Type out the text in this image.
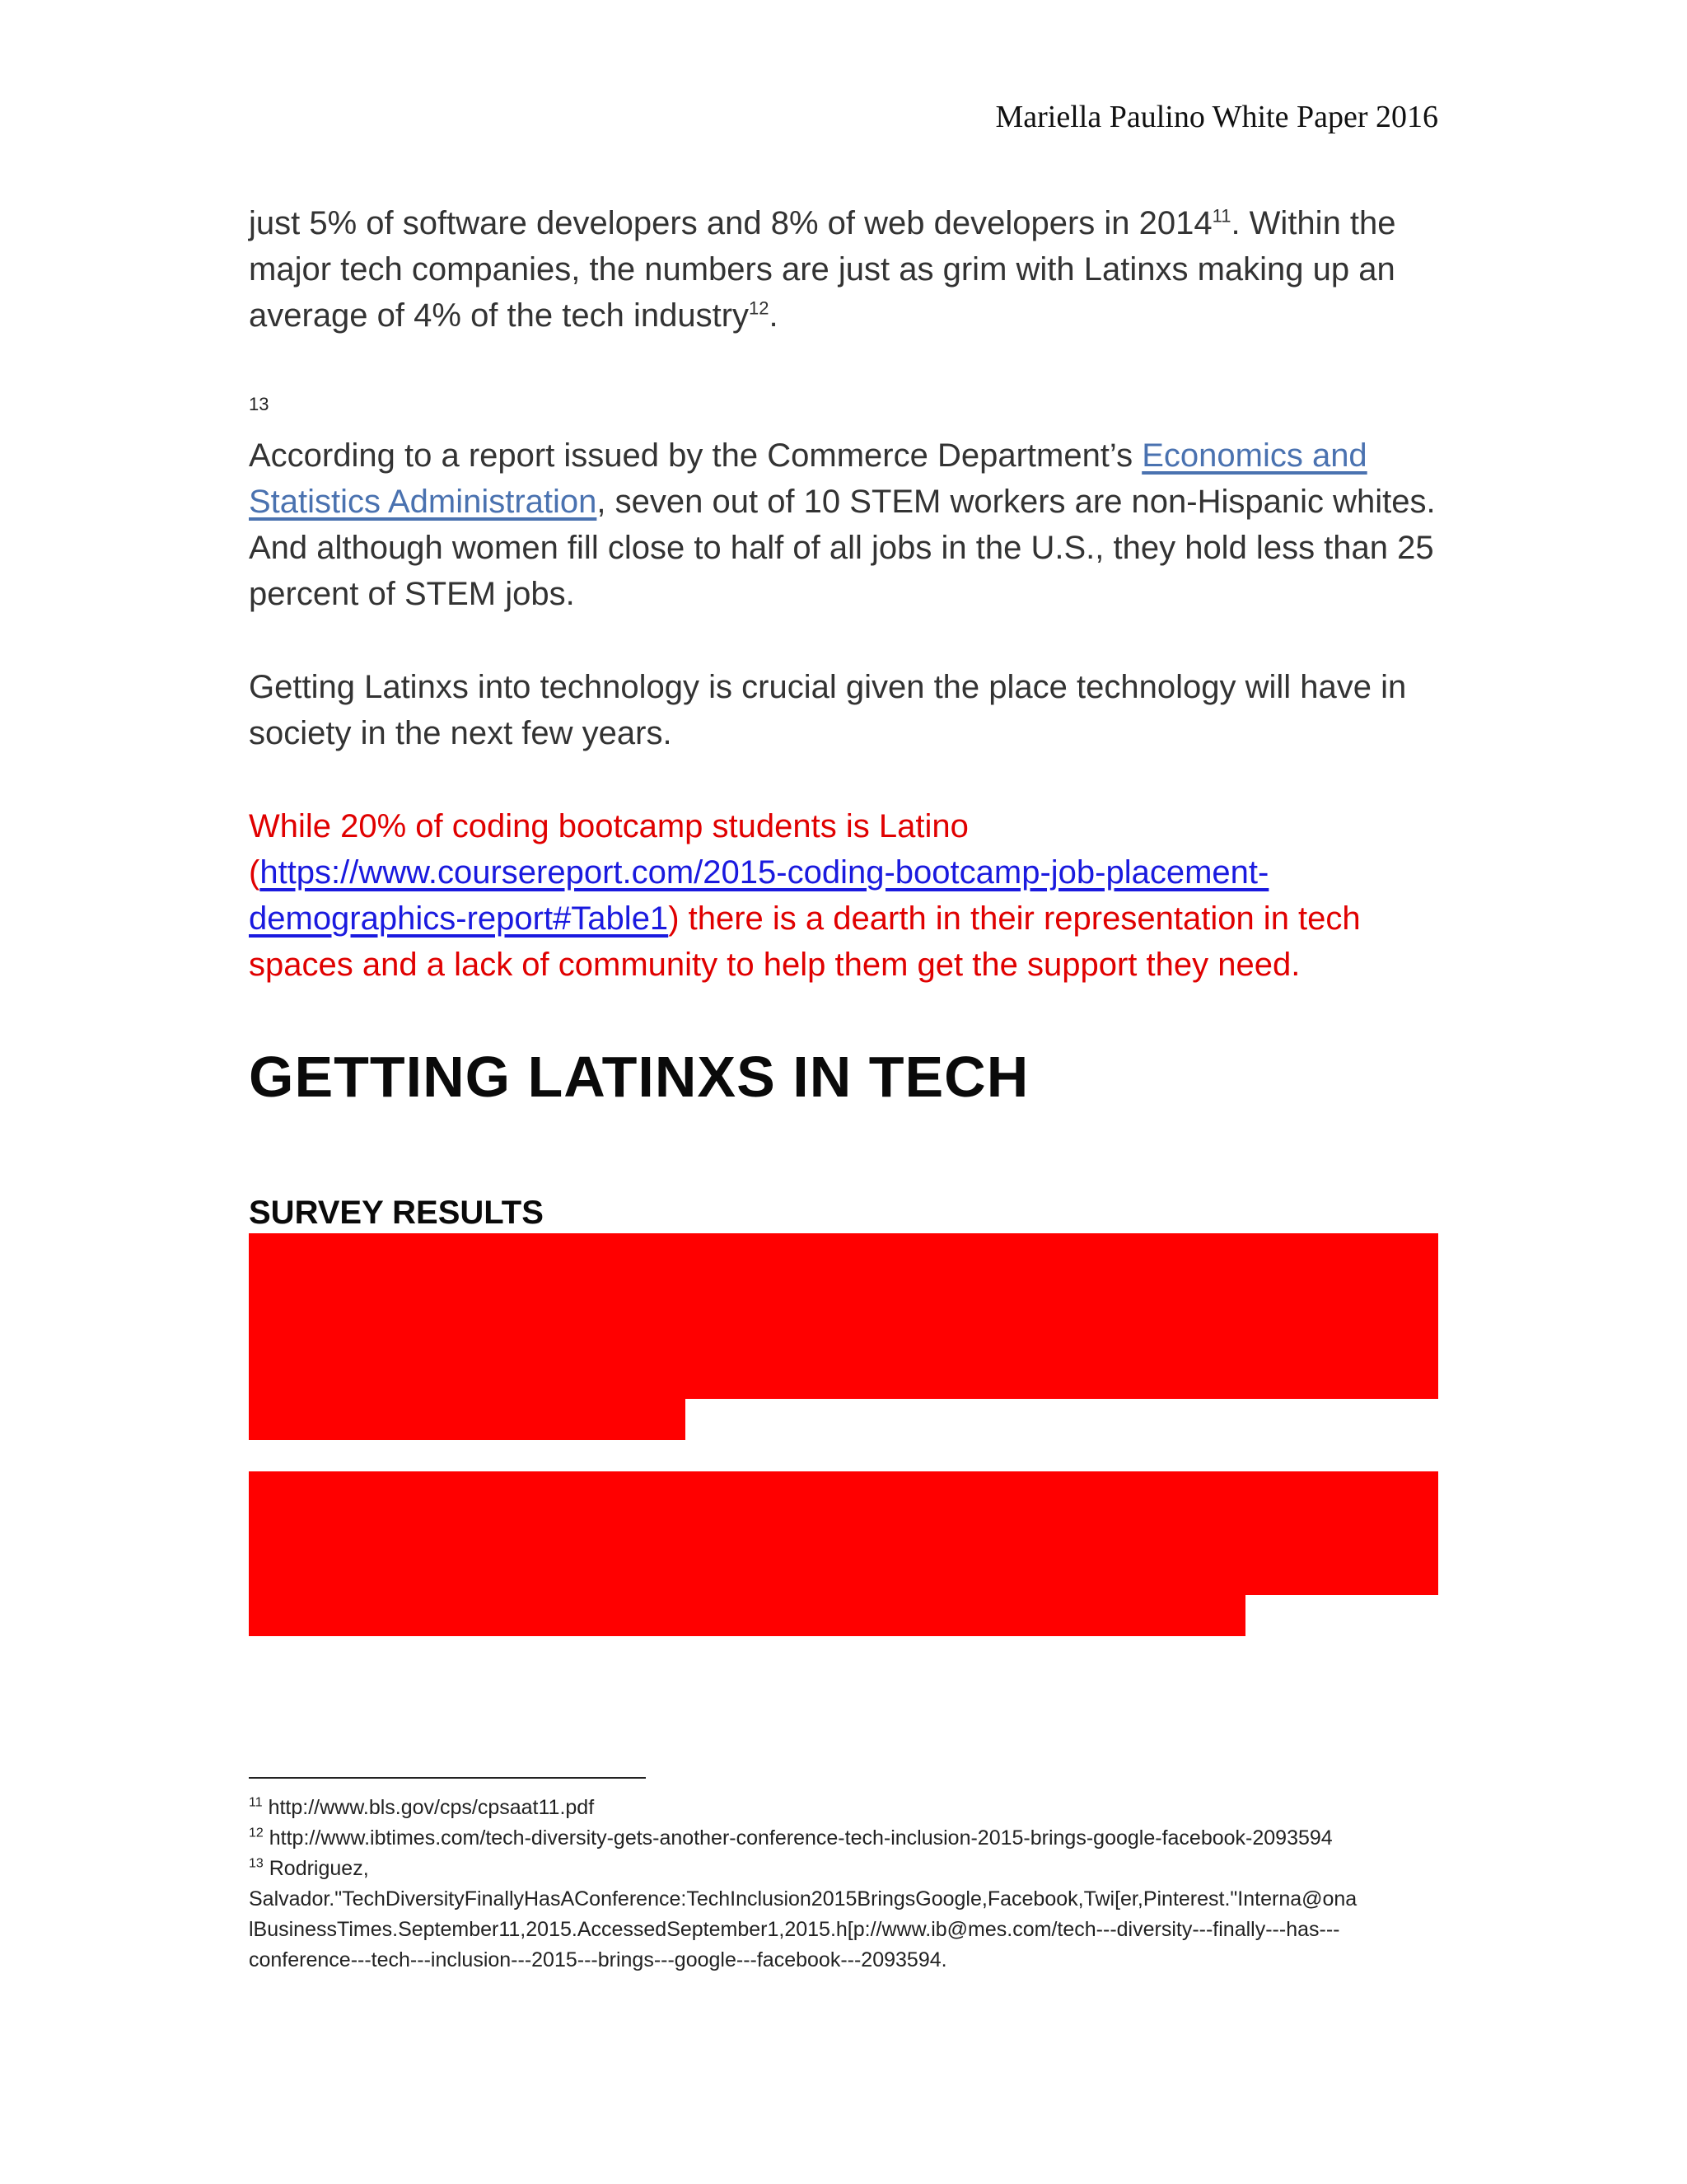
Mariella Paulino White Paper 2016

just 5% of software developers and 8% of web developers in 2014$^{11}$. Within the major tech companies, the numbers are just as grim with Latinxs making up an average of 4% of the tech industry$^{12}$.

13

According to a report issued by the Commerce Department’s Economics and Statistics Administration, seven out of 10 STEM workers are non-Hispanic whites. And although women fill close to half of all jobs in the U.S., they hold less than 25 percent of STEM jobs.

Getting Latinxs into technology is crucial given the place technology will have in society in the next few years.

While 20% of coding bootcamp students is Latino (https://www.coursereport.com/2015-coding-bootcamp-job-placement-demographics-report#Table1) there is a dearth in their representation in tech spaces and a lack of community to help them get the support they need.

GETTING LATINXS IN TECH
SURVEY RESULTS
$^{11}$ http://www.bls.gov/cps/cpsaat11.pdf
$^{12}$ http://www.ibtimes.com/tech-diversity-gets-another-conference-tech-inclusion-2015-brings-google-facebook-2093594
$^{13}$ Rodriguez,
Salvador."TechDiversityFinallyHasAConference:TechInclusion2015BringsGoogle,Facebook,Twi[er,Pinterest."Interna@ona
lBusinessTimes.September11,2015.AccessedSeptember1,2015.h[p://www.ib@mes.com/tech---diversity---finally---has---
conference---tech---inclusion---2015---brings---google---facebook---2093594.
